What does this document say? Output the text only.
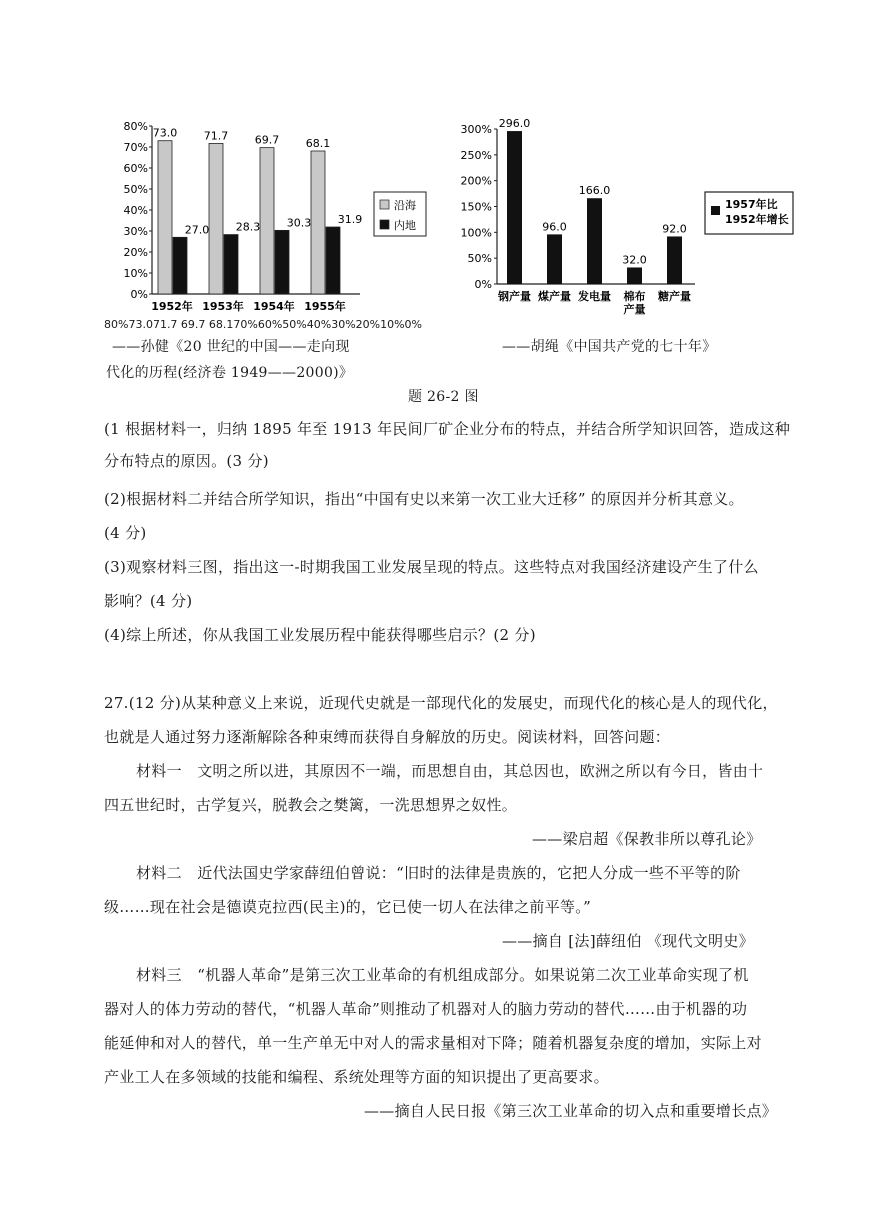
0%
10%
20%
30%
40%
50%
60%
70%
80%
73.0
27.0
1952年
71.7
28.3
1953年
69.7
30.3
1954年
68.1
31.9
1955年
沿海
内地
0%
50%
100%
150%
200%
250%
300% 296.0
钢产量
96.0
煤产量
166.0
发电量
32.0
棉布
产量
92.0
糖产量
1957年比
1952年增长
80%73.071.7 69.7 68.170%60%50%40%30%20%10%0%
——孙健《20 世纪的中国——走向现	——胡绳《中国共产党的七十年》
代化的历程(经济卷 1949——2000)》
题 26-2 图
(1 根据材料一，归纳 1895 年至 1913 年民间厂矿企业分布的特点，并结合所学知识回答，造成这种
分布特点的原因。(3 分)
(2)根据材料二并结合所学知识，指出“中国有史以来第一次工业大迁移” 的原因并分析其意义。
(4 分)
(3)观察材料三图，指出这一-时期我国工业发展呈现的特点。这些特点对我国经济建设产生了什么
影响？(4 分)
(4)综上所述，你从我国工业发展历程中能获得哪些启示？(2 分)
27.(12 分)从某种意义上来说，近现代史就是一部现代化的发展史，而现代化的核心是人的现代化，
也就是人通过努力逐渐解除各种束缚而获得自身解放的历史。阅读材料，回答问题：
材料一　文明之所以进，其原因不一端，而思想自由，其总因也，欧洲之所以有今日，皆由十
四五世纪时，古学复兴，脱教会之樊篱，一洗思想界之奴性。
——梁启超《保教非所以尊孔论》
材料二　近代法国史学家薛纽伯曾说：“旧时的法律是贵族的，它把人分成一些不平等的阶
级……现在社会是德谟克拉西(民主)的，它已使一切人在法律之前平等。”
——摘自 [法]薛纽伯 《现代文明史》
材料三　“机器人革命”是第三次工业革命的有机组成部分。如果说第二次工业革命实现了机
器对人的体力劳动的替代，“机器人革命”则推动了机器对人的脑力劳动的替代……由于机器的功
能延伸和对人的替代，单一生产单无中对人的需求量相对下降；随着机器复杂度的增加，实际上对
产业工人在多领域的技能和编程、系统处理等方面的知识提出了更高要求。
——摘自人民日报《第三次工业革命的切入点和重要增长点》
